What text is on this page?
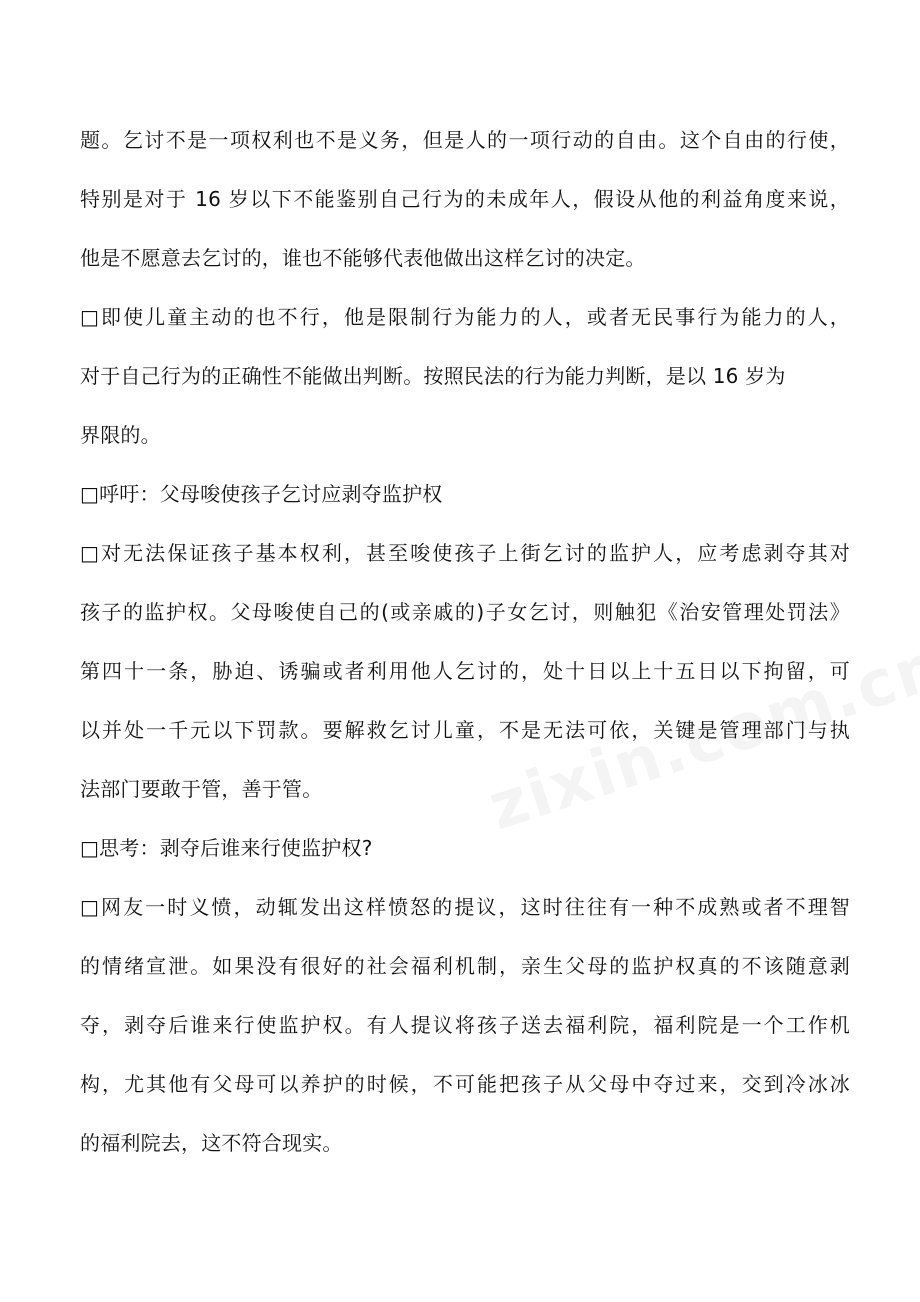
题。乞讨不是一项权利也不是义务，但是人的一项行动的自由。这个自由的行使，
特别是对于 16 岁以下不能鉴别自己行为的未成年人，假设从他的利益角度来说，
他是不愿意去乞讨的，谁也不能够代表他做出这样乞讨的决定。
□即使儿童主动的也不行，他是限制行为能力的人，或者无民事行为能力的人，
对于自己行为的正确性不能做出判断。按照民法的行为能力判断，是以 16 岁为
界限的。
□呼吁：父母唆使孩子乞讨应剥夺监护权
□对无法保证孩子基本权利，甚至唆使孩子上街乞讨的监护人，应考虑剥夺其对
孩子的监护权。父母唆使自己的(或亲戚的)子女乞讨，则触犯《治安管理处罚法》
第四十一条，胁迫、诱骗或者利用他人乞讨的，处十日以上十五日以下拘留，可
以并处一千元以下罚款。要解救乞讨儿童，不是无法可依，关键是管理部门与执
法部门要敢于管，善于管。
□思考：剥夺后谁来行使监护权?
□网友一时义愤，动辄发出这样愤怒的提议，这时往往有一种不成熟或者不理智
的情绪宣泄。如果没有很好的社会福利机制，亲生父母的监护权真的不该随意剥
夺，剥夺后谁来行使监护权。有人提议将孩子送去福利院，福利院是一个工作机
构，尤其他有父母可以养护的时候，不可能把孩子从父母中夺过来，交到冷冰冰
的福利院去，这不符合现实。
